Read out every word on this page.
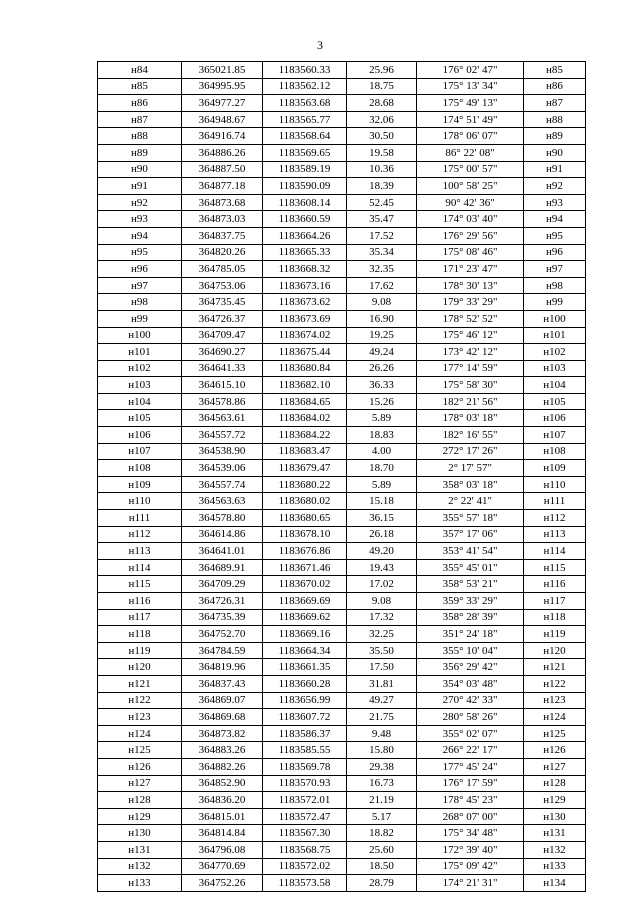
3
н84	365021.85	1183560.33	25.96	176° 02' 47"	н85
н85	364995.95	1183562.12	18.75	175° 13' 34"	н86
н86	364977.27	1183563.68	28.68	175° 49' 13"	н87
н87	364948.67	1183565.77	32.06	174° 51' 49"	н88
н88	364916.74	1183568.64	30.50	178° 06' 07"	н89
н89	364886.26	1183569.65	19.58	86° 22' 08"	н90
н90	364887.50	1183589.19	10.36	175° 00' 57"	н91
н91	364877.18	1183590.09	18.39	100° 58' 25"	н92
н92	364873.68	1183608.14	52.45	90° 42' 36"	н93
н93	364873.03	1183660.59	35.47	174° 03' 40"	н94
н94	364837.75	1183664.26	17.52	176° 29' 56"	н95
н95	364820.26	1183665.33	35.34	175° 08' 46"	н96
н96	364785.05	1183668.32	32.35	171° 23' 47"	н97
н97	364753.06	1183673.16	17.62	178° 30' 13"	н98
н98	364735.45	1183673.62	9.08	179° 33' 29"	н99
н99	364726.37	1183673.69	16.90	178° 52' 52"	н100
н100	364709.47	1183674.02	19.25	175° 46' 12"	н101
н101	364690.27	1183675.44	49.24	173° 42' 12"	н102
н102	364641.33	1183680.84	26.26	177° 14' 59"	н103
н103	364615.10	1183682.10	36.33	175° 58' 30"	н104
н104	364578.86	1183684.65	15.26	182° 21' 56"	н105
н105	364563.61	1183684.02	5.89	178° 03' 18"	н106
н106	364557.72	1183684.22	18.83	182° 16' 55"	н107
н107	364538.90	1183683.47	4.00	272° 17' 26"	н108
н108	364539.06	1183679.47	18.70	2° 17' 57"	н109
н109	364557.74	1183680.22	5.89	358° 03' 18"	н110
н110	364563.63	1183680.02	15.18	2° 22' 41"	н111
н111	364578.80	1183680.65	36.15	355° 57' 18"	н112
н112	364614.86	1183678.10	26.18	357° 17' 06"	н113
н113	364641.01	1183676.86	49.20	353° 41' 54"	н114
н114	364689.91	1183671.46	19.43	355° 45' 01"	н115
н115	364709.29	1183670.02	17.02	358° 53' 21"	н116
н116	364726.31	1183669.69	9.08	359° 33' 29"	н117
н117	364735.39	1183669.62	17.32	358° 28' 39"	н118
н118	364752.70	1183669.16	32.25	351° 24' 18"	н119
н119	364784.59	1183664.34	35.50	355° 10' 04"	н120
н120	364819.96	1183661.35	17.50	356° 29' 42"	н121
н121	364837.43	1183660.28	31.81	354° 03' 48"	н122
н122	364869.07	1183656.99	49.27	270° 42' 33"	н123
н123	364869.68	1183607.72	21.75	280° 58' 26"	н124
н124	364873.82	1183586.37	9.48	355° 02' 07"	н125
н125	364883.26	1183585.55	15.80	266° 22' 17"	н126
н126	364882.26	1183569.78	29.38	177° 45' 24"	н127
н127	364852.90	1183570.93	16.73	176° 17' 59"	н128
н128	364836.20	1183572.01	21.19	178° 45' 23"	н129
н129	364815.01	1183572.47	5.17	268° 07' 00"	н130
н130	364814.84	1183567.30	18.82	175° 34' 48"	н131
н131	364796.08	1183568.75	25.60	172° 39' 40"	н132
н132	364770.69	1183572.02	18.50	175° 09' 42"	н133
н133	364752.26	1183573.58	28.79	174° 21' 31"	н134
